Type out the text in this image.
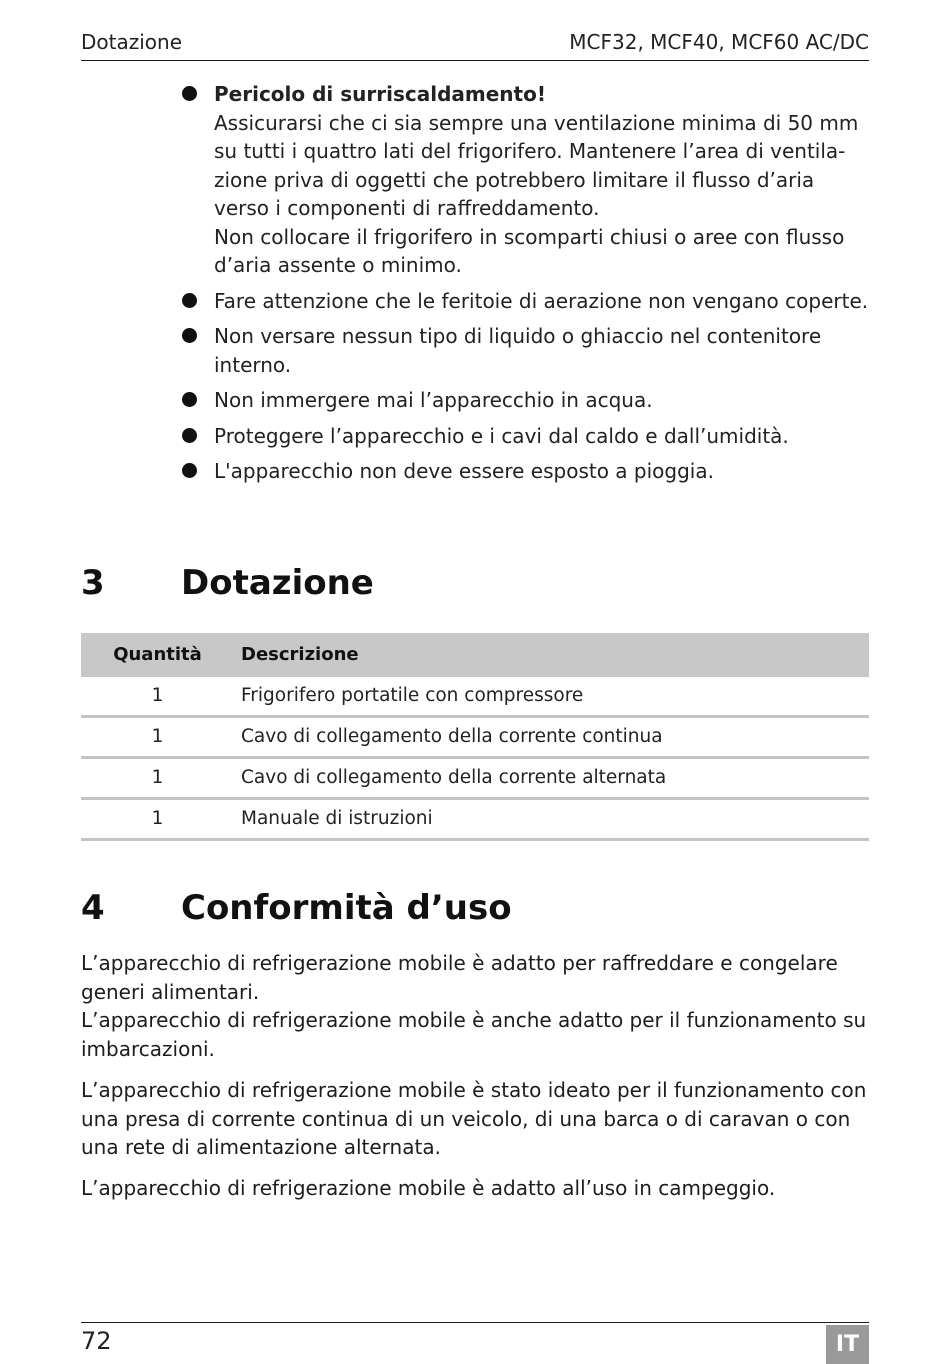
Dotazione	MCF32, MCF40, MCF60 AC/DC
Pericolo di surriscaldamento!
Assicurarsi che ci sia sempre una ventilazione minima di 50 mm su tutti i quattro lati del frigorifero. Mantenere l’area di ventila-zione priva di oggetti che potrebbero limitare il flusso d’aria verso i componenti di raffreddamento.
Non collocare il frigorifero in scomparti chiusi o aree con flusso d’aria assente o minimo.
Fare attenzione che le feritoie di aerazione non vengano coperte.
Non versare nessun tipo di liquido o ghiaccio nel contenitore interno.
Non immergere mai l’apparecchio in acqua.
Proteggere l’apparecchio e i cavi dal caldo e dall’umidità.
L'apparecchio non deve essere esposto a pioggia.
3 Dotazione
Quantità	Descrizione
1	Frigorifero portatile con compressore
1	Cavo di collegamento della corrente continua
1	Cavo di collegamento della corrente alternata
1	Manuale di istruzioni
4 Conformità d’uso

L’apparecchio di refrigerazione mobile è adatto per raffreddare e congelare generi alimentari.
L’apparecchio di refrigerazione mobile è anche adatto per il funzionamento su imbarcazioni.

L’apparecchio di refrigerazione mobile è stato ideato per il funzionamento con una presa di corrente continua di un veicolo, di una barca o di caravan o con una rete di alimentazione alternata.

L’apparecchio di refrigerazione mobile è adatto all’uso in campeggio.

72	IT
